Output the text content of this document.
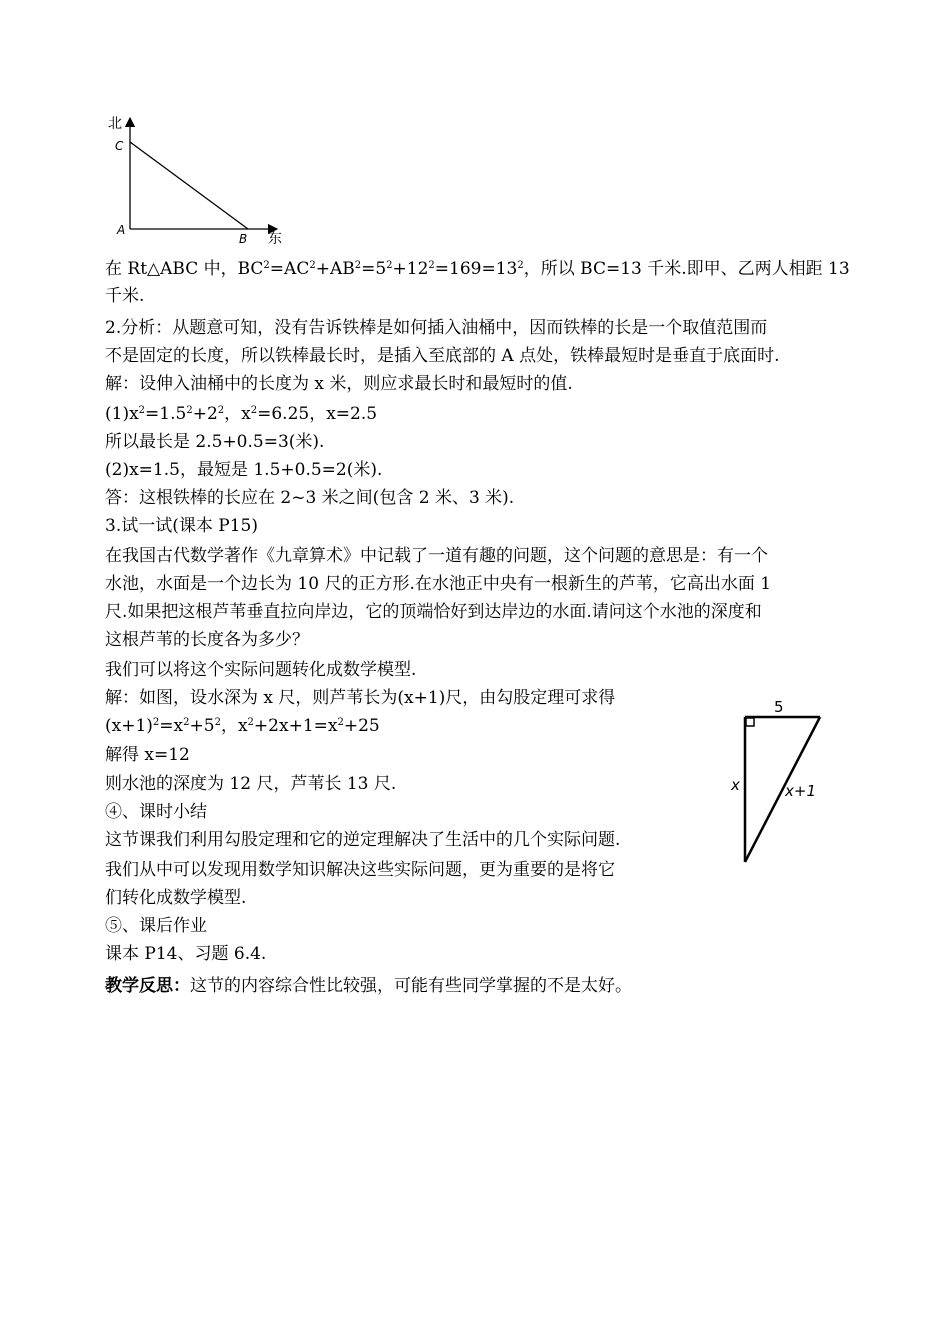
北
东
C
A
B
5
x	x+1
在 Rt△ABC 中，$BC^2=AC^2+AB^2=5^2+12^2=169=13^2$，所以 BC=13 千米.即甲、乙两人相距 13
千米.
2.分析：从题意可知，没有告诉铁棒是如何插入油桶中，因而铁棒的长是一个取值范围而
不是固定的长度，所以铁棒最长时，是插入至底部的 A 点处，铁棒最短时是垂直于底面时.
解：设伸入油桶中的长度为 x 米，则应求最长时和最短时的值.
$(1)x^2=1.5^2+2^2$，$x^2=6.25$，x=2.5
所以最长是 2.5+0.5=3(米).
(2)x=1.5，最短是 1.5+0.5=2(米).
答：这根铁棒的长应在 2~3 米之间(包含 2 米、3 米).
3.试一试(课本 P15)
在我国古代数学著作《九章算术》中记载了一道有趣的问题，这个问题的意思是：有一个
水池，水面是一个边长为 10 尺的正方形.在水池正中央有一根新生的芦苇，它高出水面 1
尺.如果把这根芦苇垂直拉向岸边，它的顶端恰好到达岸边的水面.请问这个水池的深度和
这根芦苇的长度各为多少？
我们可以将这个实际问题转化成数学模型.
解：如图，设水深为 x 尺，则芦苇长为(x+1)尺，由勾股定理可求得
$(x+1)^2=x^2+5^2$，$x^2+2x+1=x^2+25$
解得 x=12
则水池的深度为 12 尺，芦苇长 13 尺.
④、课时小结
这节课我们利用勾股定理和它的逆定理解决了生活中的几个实际问题.
我们从中可以发现用数学知识解决这些实际问题，更为重要的是将它
们转化成数学模型.
⑤、课后作业
课本 P14、习题 6.4.
教学反思：这节的内容综合性比较强，可能有些同学掌握的不是太好。
